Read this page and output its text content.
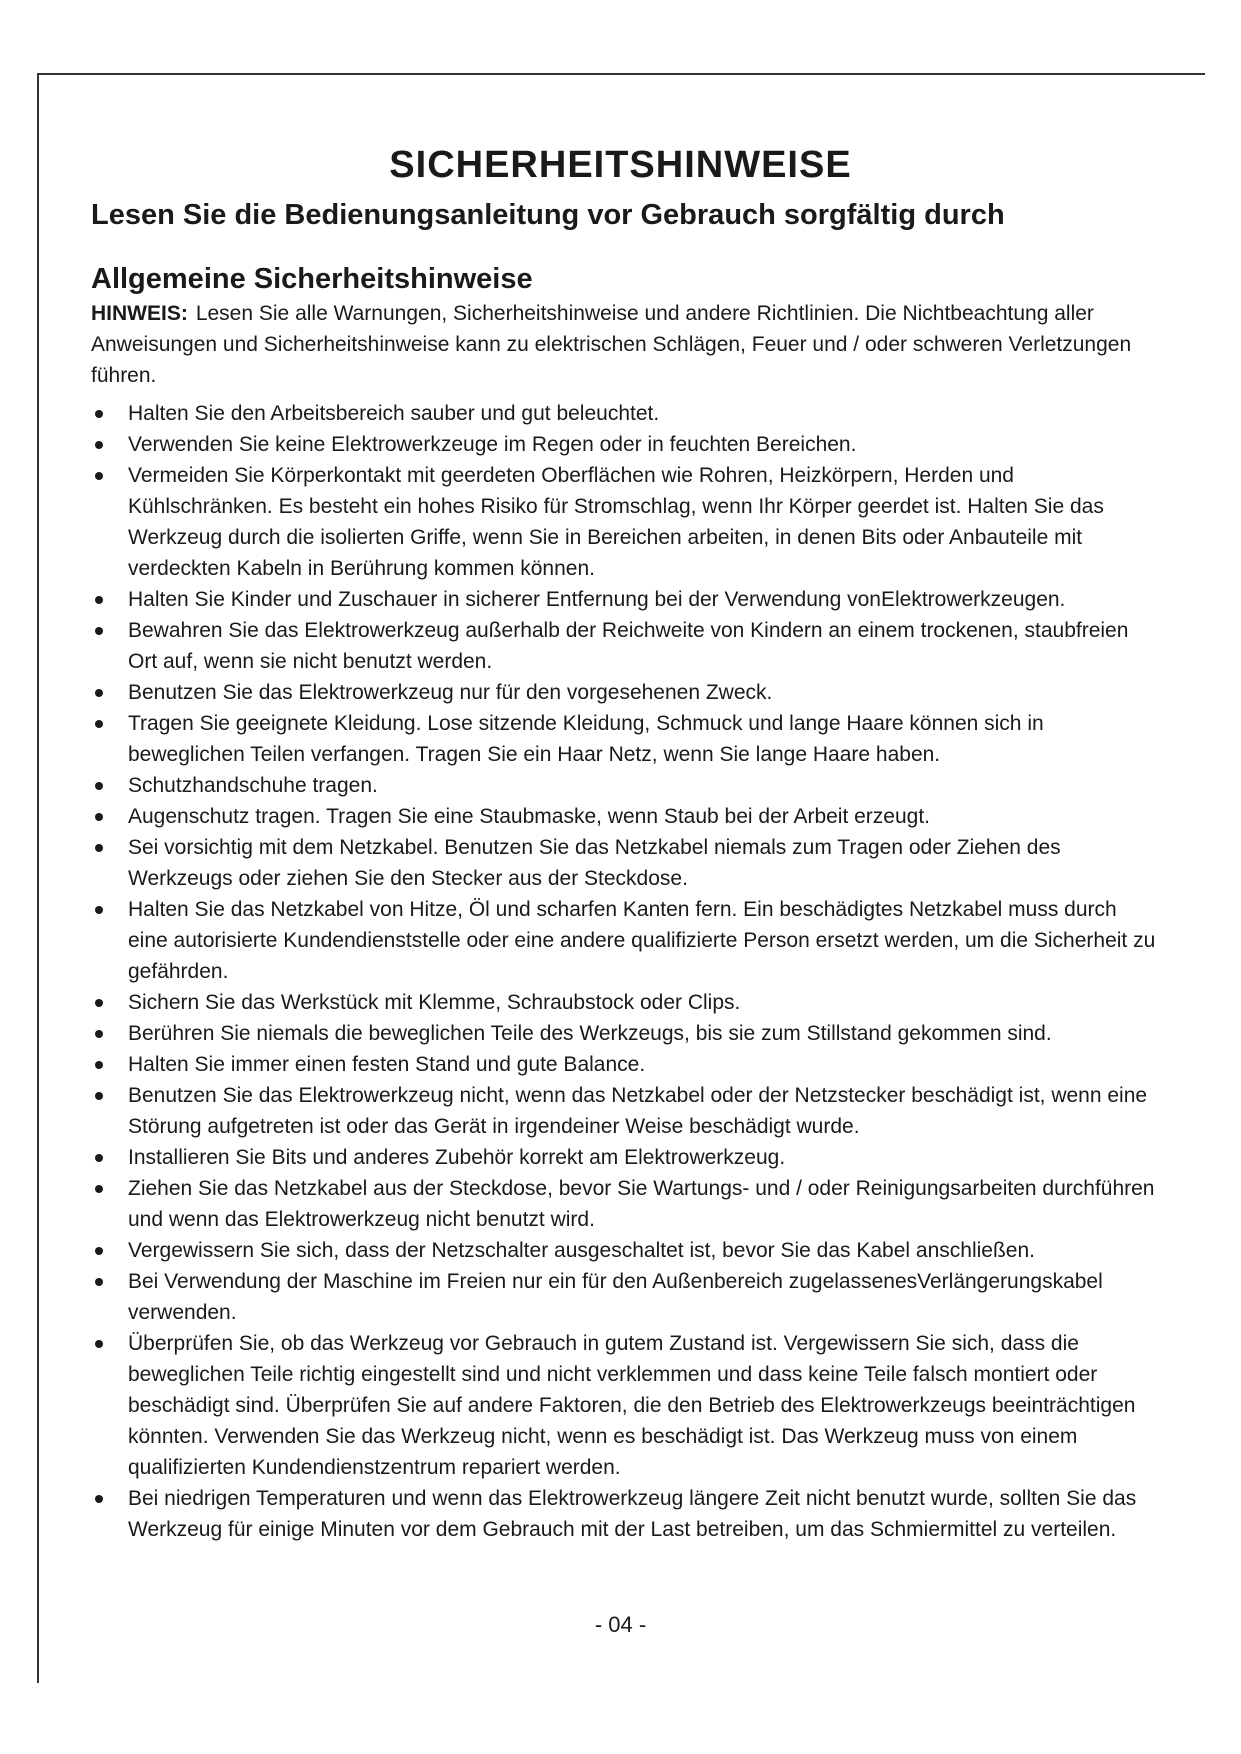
SICHERHEITSHINWEISE
Lesen Sie die Bedienungsanleitung vor Gebrauch sorgfältig durch
Allgemeine Sicherheitshinweise

HINWEIS: Lesen Sie alle Warnungen, Sicherheitshinweise und andere Richtlinien. Die Nichtbeachtung aller Anweisungen und Sicherheitshinweise kann zu elektrischen Schlägen, Feuer und / oder schweren Verletzungen führen.

Halten Sie den Arbeitsbereich sauber und gut beleuchtet.
Verwenden Sie keine Elektrowerkzeuge im Regen oder in feuchten Bereichen.
Vermeiden Sie Körperkontakt mit geerdeten Oberflächen wie Rohren, Heizkörpern, Herden und Kühlschränken. Es besteht ein hohes Risiko für Stromschlag, wenn Ihr Körper geerdet ist. Halten Sie das Werkzeug durch die isolierten Griffe, wenn Sie in Bereichen arbeiten, in denen Bits oder Anbauteile mit verdeckten Kabeln in Berührung kommen können.
Halten Sie Kinder und Zuschauer in sicherer Entfernung bei der Verwendung vonElektrowerkzeugen.
Bewahren Sie das Elektrowerkzeug außerhalb der Reichweite von Kindern an einem trockenen, staubfreien Ort auf, wenn sie nicht benutzt werden.
Benutzen Sie das Elektrowerkzeug nur für den vorgesehenen Zweck.
Tragen Sie geeignete Kleidung. Lose sitzende Kleidung, Schmuck und lange Haare können sich in beweglichen Teilen verfangen. Tragen Sie ein Haar Netz, wenn Sie lange Haare haben.
Schutzhandschuhe tragen.
Augenschutz tragen. Tragen Sie eine Staubmaske, wenn Staub bei der Arbeit erzeugt.
Sei vorsichtig mit dem Netzkabel. Benutzen Sie das Netzkabel niemals zum Tragen oder Ziehen des Werkzeugs oder ziehen Sie den Stecker aus der Steckdose.
Halten Sie das Netzkabel von Hitze, Öl und scharfen Kanten fern. Ein beschädigtes Netzkabel muss durch eine autorisierte Kundendienststelle oder eine andere qualifizierte Person ersetzt werden, um die Sicherheit zu gefährden.
Sichern Sie das Werkstück mit Klemme, Schraubstock oder Clips.
Berühren Sie niemals die beweglichen Teile des Werkzeugs, bis sie zum Stillstand gekommen sind.
Halten Sie immer einen festen Stand und gute Balance.
Benutzen Sie das Elektrowerkzeug nicht, wenn das Netzkabel oder der Netzstecker beschädigt ist, wenn eine Störung aufgetreten ist oder das Gerät in irgendeiner Weise beschädigt wurde.
Installieren Sie Bits und anderes Zubehör korrekt am Elektrowerkzeug.
Ziehen Sie das Netzkabel aus der Steckdose, bevor Sie Wartungs- und / oder Reinigungsarbeiten durchführen und wenn das Elektrowerkzeug nicht benutzt wird.
Vergewissern Sie sich, dass der Netzschalter ausgeschaltet ist, bevor Sie das Kabel anschließen.
Bei Verwendung der Maschine im Freien nur ein für den Außenbereich zugelassenesVerlängerungskabel verwenden.
Überprüfen Sie, ob das Werkzeug vor Gebrauch in gutem Zustand ist. Vergewissern Sie sich, dass die beweglichen Teile richtig eingestellt sind und nicht verklemmen und dass keine Teile falsch montiert oder beschädigt sind. Überprüfen Sie auf andere Faktoren, die den Betrieb des Elektrowerkzeugs beeinträchtigen könnten. Verwenden Sie das Werkzeug nicht, wenn es beschädigt ist. Das Werkzeug muss von einem qualifizierten Kundendienstzentrum repariert werden.
Bei niedrigen Temperaturen und wenn das Elektrowerkzeug längere Zeit nicht benutzt wurde, sollten Sie das Werkzeug für einige Minuten vor dem Gebrauch mit der Last betreiben, um das Schmiermittel zu verteilen.

- 04 -
